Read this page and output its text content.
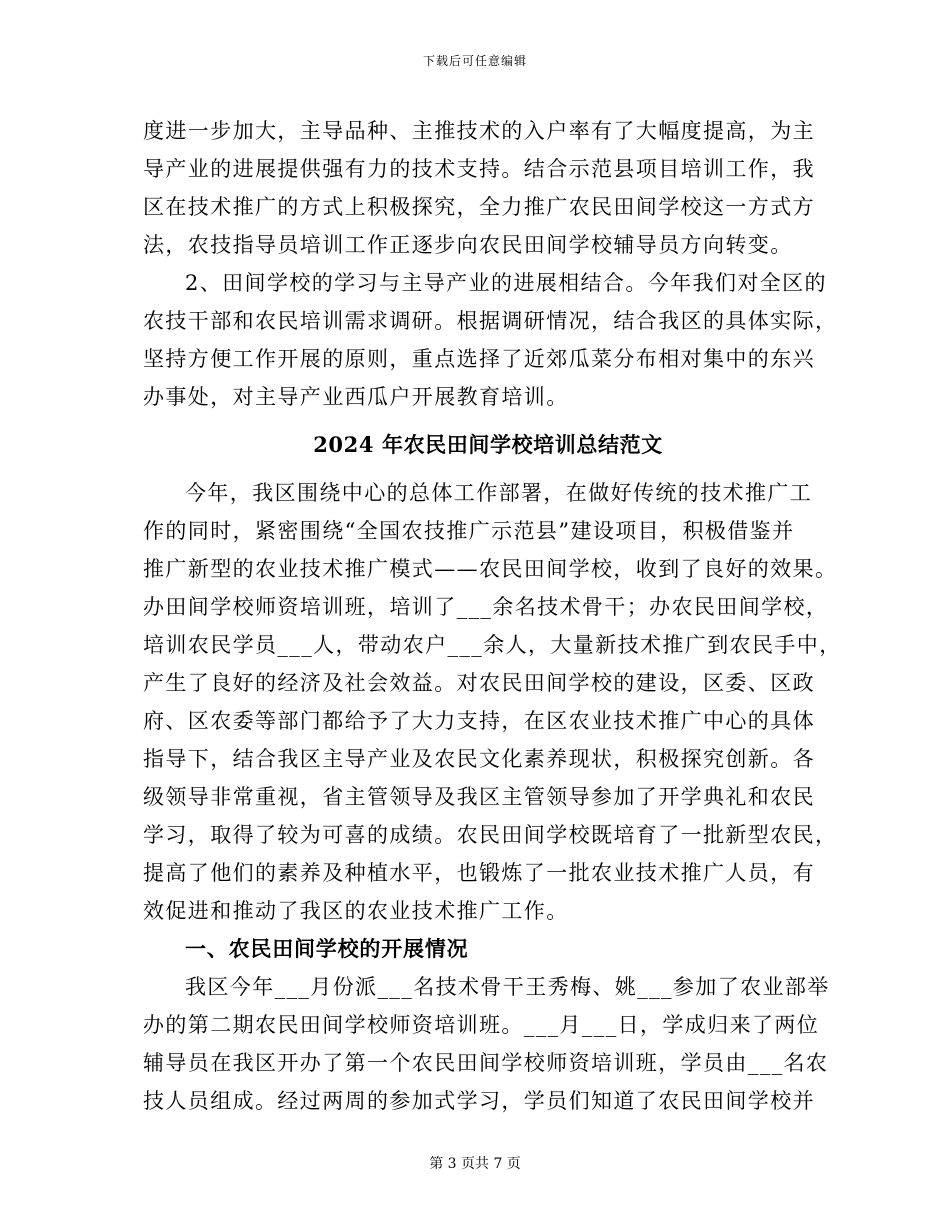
下载后可任意编辑
度进一步加大，主导品种、主推技术的入户率有了大幅度提高，为主
导产业的进展提供强有力的技术支持。结合示范县项目培训工作，我
区在技术推广的方式上积极探究，全力推广农民田间学校这一方式方
法，农技指导员培训工作正逐步向农民田间学校辅导员方向转变。
2、田间学校的学习与主导产业的进展相结合。今年我们对全区的
农技干部和农民培训需求调研。根据调研情况，结合我区的具体实际，
坚持方便工作开展的原则，重点选择了近郊瓜菜分布相对集中的东兴
办事处，对主导产业西瓜户开展教育培训。
2024 年农民田间学校培训总结范文
今年，我区围绕中心的总体工作部署，在做好传统的技术推广工
作的同时，紧密围绕“全国农技推广示范县”建设项目，积极借鉴并
推广新型的农业技术推广模式——农民田间学校，收到了良好的效果。
办田间学校师资培训班，培训了___余名技术骨干；办农民田间学校，
培训农民学员___人，带动农户___余人，大量新技术推广到农民手中，
产生了良好的经济及社会效益。对农民田间学校的建设，区委、区政
府、区农委等部门都给予了大力支持，在区农业技术推广中心的具体
指导下，结合我区主导产业及农民文化素养现状，积极探究创新。各
级领导非常重视，省主管领导及我区主管领导参加了开学典礼和农民
学习，取得了较为可喜的成绩。农民田间学校既培育了一批新型农民，
提高了他们的素养及种植水平，也锻炼了一批农业技术推广人员，有
效促进和推动了我区的农业技术推广工作。
一、农民田间学校的开展情况
我区今年___月份派___名技术骨干王秀梅、姚___参加了农业部举
办的第二期农民田间学校师资培训班。___月___日，学成归来了两位
辅导员在我区开办了第一个农民田间学校师资培训班，学员由___名农
技人员组成。经过两周的参加式学习，学员们知道了农民田间学校并
第 3 页共 7 页
